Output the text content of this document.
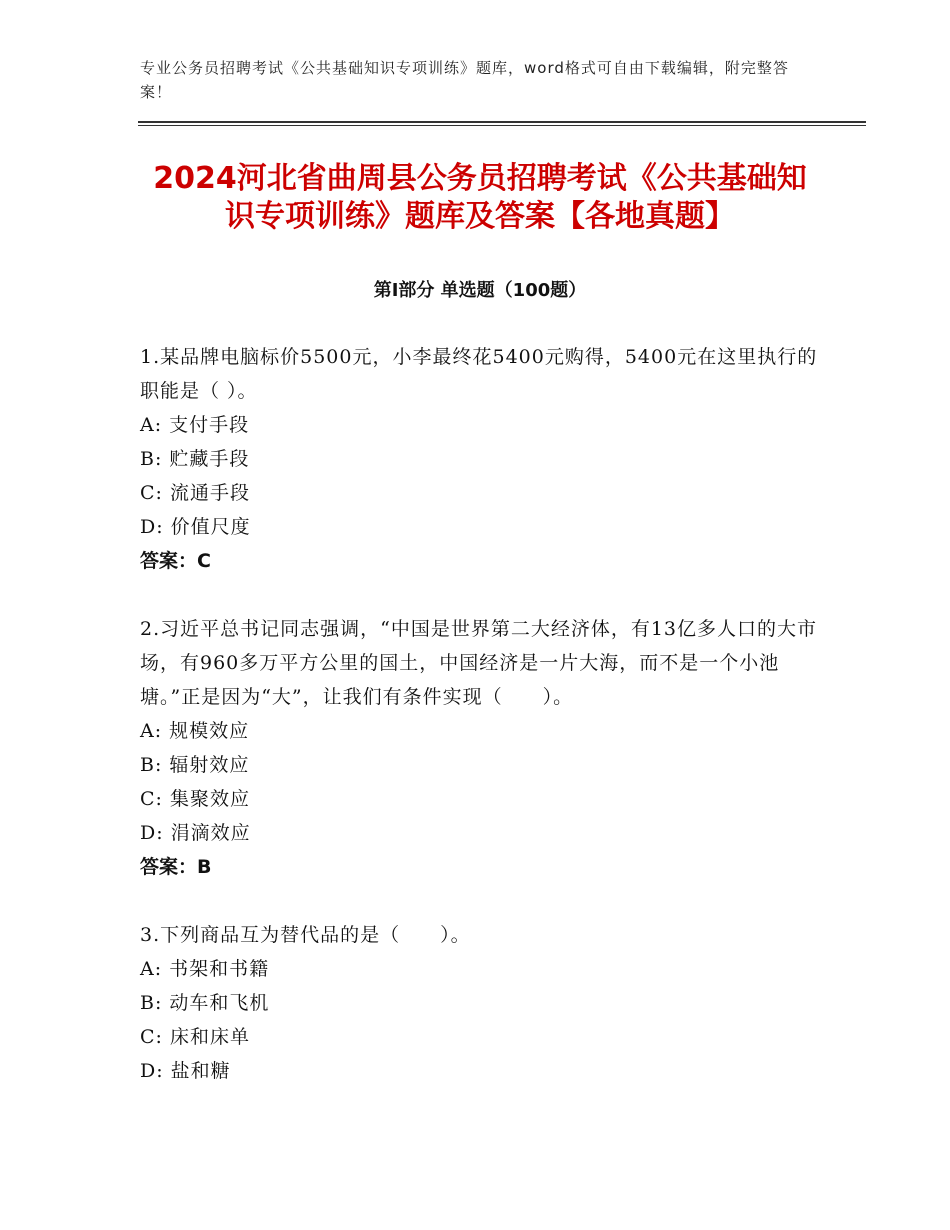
专业公务员招聘考试《公共基础知识专项训练》题库，word格式可自由下载编辑，附完整答案！
2024河北省曲周县公务员招聘考试《公共基础知识专项训练》题库及答案【各地真题】
第Ⅰ部分 单选题（100题）

1.某品牌电脑标价5500元，小李最终花5400元购得，5400元在这里执行的职能是（ ）。

A: 支付手段

B: 贮藏手段

C: 流通手段

D: 价值尺度

答案：C

2.习近平总书记同志强调，“中国是世界第二大经济体，有13亿多人口的大市场，有960多万平方公里的国土，中国经济是一片大海，而不是一个小池塘。”正是因为“大”，让我们有条件实现（　　）。

A: 规模效应

B: 辐射效应

C: 集聚效应

D: 涓滴效应

答案：B

3.下列商品互为替代品的是（　　）。

A: 书架和书籍

B: 动车和飞机

C: 床和床单

D: 盐和糖
